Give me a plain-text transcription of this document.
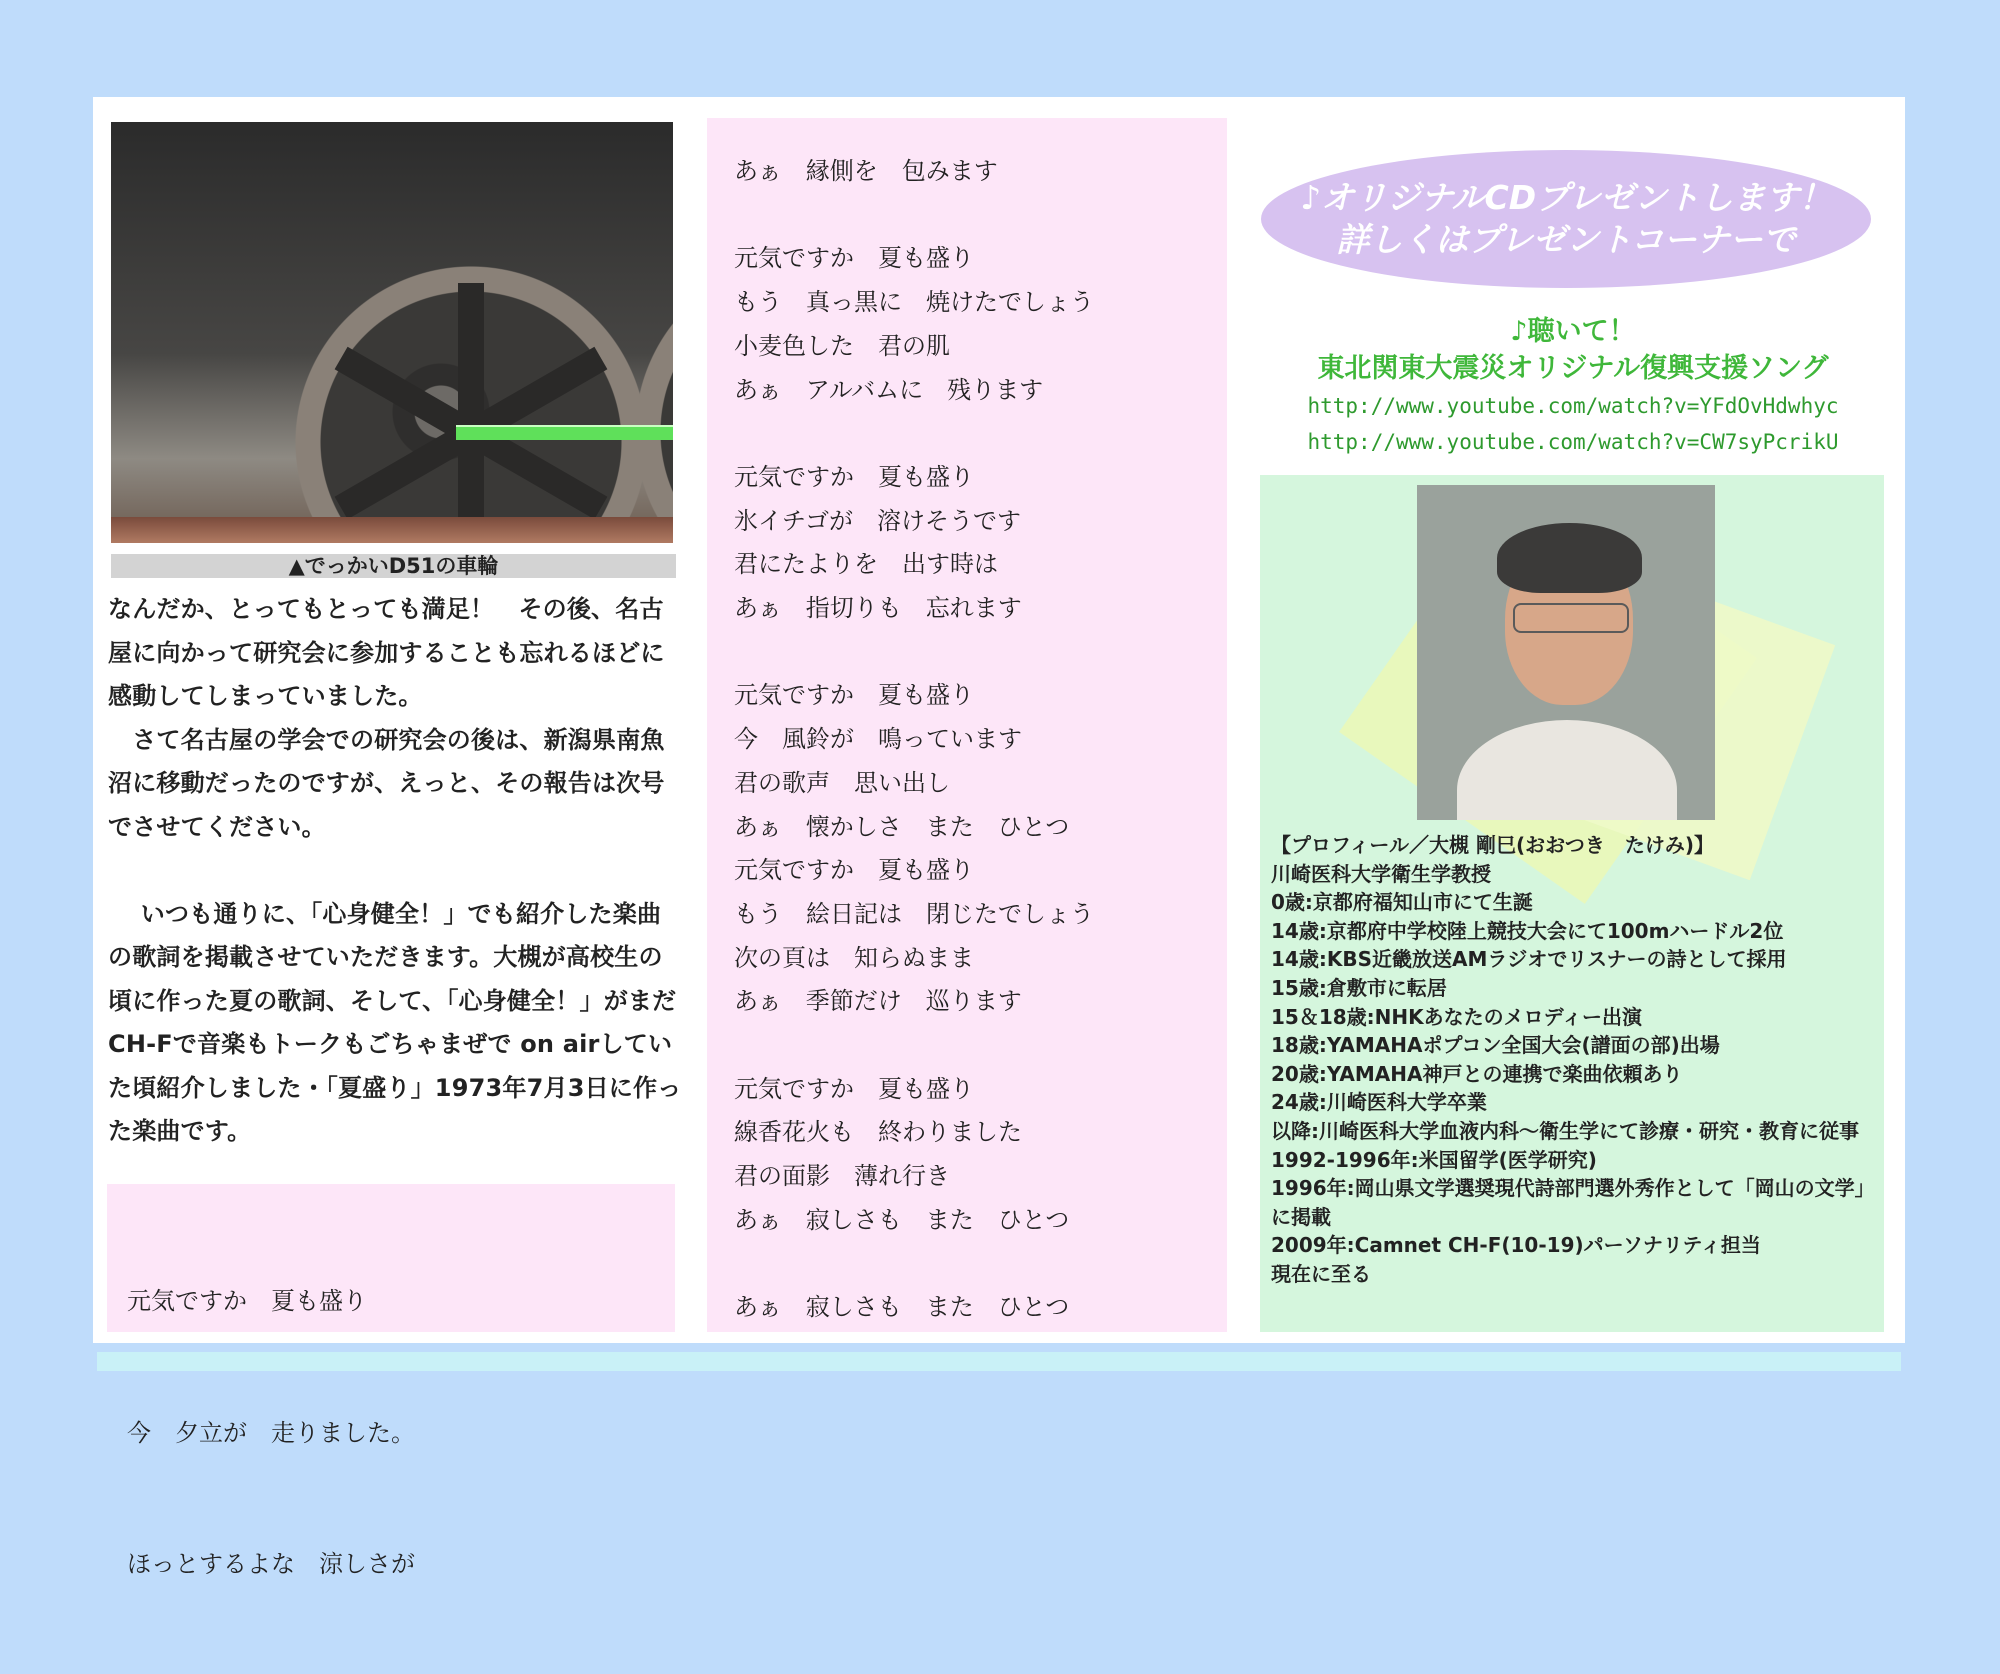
▲でっかいD51の車輪

なんだか、とってもとっても満足！　その後、名古屋に向かって研究会に参加することも忘れるほどに感動してしまっていました。

　さて名古屋の学会での研究会の後は、新潟県南魚沼に移動だったのですが、えっと、その報告は次号でさせてください。

　 いつも通りに、「心身健全！」でも紹介した楽曲の歌詞を掲載させていただきます。大槻が高校生の頃に作った夏の歌詞、そして、「心身健全！」がまだCH-Fで音楽もトークもごちゃまぜで on airしていた頃紹介しました・「夏盛り」1973年7月3日に作った楽曲です。

元気ですか　夏も盛り

今　夕立が　走りました。

ほっとするよな　涼しさが

あぁ　縁側を　包みます
元気ですか　夏も盛り
もう　真っ黒に　焼けたでしょう
小麦色した　君の肌
あぁ　アルバムに　残ります
元気ですか　夏も盛り
氷イチゴが　溶けそうです
君にたよりを　出す時は
あぁ　指切りも　忘れます
元気ですか　夏も盛り
今　風鈴が　鳴っています
君の歌声　思い出し
あぁ　懐かしさ　また　ひとつ
元気ですか　夏も盛り
もう　絵日記は　閉じたでしょう
次の頁は　知らぬまま
あぁ　季節だけ　巡ります
元気ですか　夏も盛り
線香花火も　終わりました
君の面影　薄れ行き
あぁ　寂しさも　また　ひとつ
あぁ　寂しさも　また　ひとつ
♪オリジナルCDプレゼントします！
詳しくはプレゼントコーナーで
♪聴いて！
東北関東大震災オリジナル復興支援ソング
http://www.youtube.com/watch?v=YFdOvHdwhyc
http://www.youtube.com/watch?v=CW7syPcrikU
【プロフィール／大槻 剛巳(おおつき　たけみ)】
川崎医科大学衛生学教授
0歳:京都府福知山市にて生誕
14歳:京都府中学校陸上競技大会にて100mハードル2位
14歳:KBS近畿放送AMラジオでリスナーの詩として採用
15歳:倉敷市に転居
15＆18歳:NHKあなたのメロディー出演
18歳:YAMAHAポプコン全国大会(譜面の部)出場
20歳:YAMAHA神戸との連携で楽曲依頼あり
24歳:川崎医科大学卒業
以降:川崎医科大学血液内科～衛生学にて診療・研究・教育に従事
1992-1996年:米国留学(医学研究)
1996年:岡山県文学選奨現代詩部門選外秀作として「岡山の文学」に掲載
2009年:Camnet CH-F(10-19)パーソナリティ担当
現在に至る
